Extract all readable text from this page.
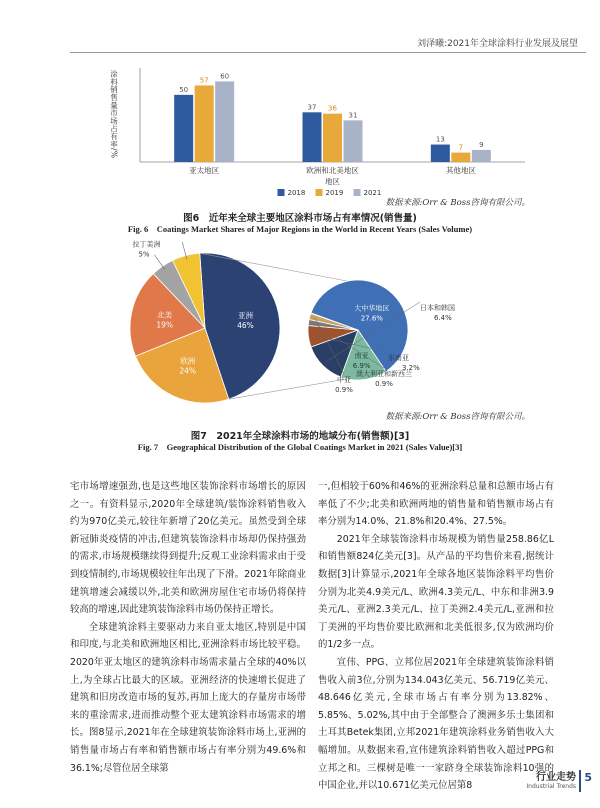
刘泽曦:2021年全球涂料行业发展及展望
涂料销售量市场占有率/%	50
57
60
亚太地区
37 36
31
欧洲和北美地区
13
7 9
其他地区
地区
2018	2019	2021
数据来源:Orr & Boss咨询有限公司。
图6　近年来全球主要地区涂料市场占有率情况(销售量)
Fig. 6　Coatings Market Shares of Major Regions in the World in Recent Years (Sales Volume)
亚洲
46%
欧洲
24%
北美
19%
拉丁美洲
5%
大中华地区
27.6%
南亚
6.9%
日本和韩国
6.4%
东南亚
3.2%
澳大利亚和新西兰
0.9%
中亚
0.9%
数据来源:Orr & Boss咨询有限公司。
图7　2021年全球涂料市场的地域分布(销售额)[3]
Fig. 7　Geographical Distribution of the Global Coatings Market in 2021 (Sales Value)[3]

宅市场增速强劲,也是这些地区装饰涂料市场增长的原因之一。有资料显示,2020年全球建筑/装饰涂料销售收入约为970亿美元,较往年新增了20亿美元。虽然受到全球新冠肺炎疫情的冲击,但建筑装饰涂料市场却仍保持强劲的需求,市场规模继续得到提升;反观工业涂料需求由于受到疫情制约,市场规模较往年出现了下滑。2021年除商业建筑增速会减缓以外,北美和欧洲房屋住宅市场仍将保持较高的增速,因此建筑装饰涂料市场仍保持正增长。

全球建筑涂料主要驱动力来自亚太地区,特别是中国和印度,与北美和欧洲地区相比,亚洲涂料市场比较平稳。2020年亚太地区的建筑涂料市场需求量占全球的40%以上,为全球占比最大的区域。亚洲经济的快速增长促进了建筑和旧房改造市场的复苏,再加上庞大的存量房市场带来的重涂需求,进而推动整个亚太建筑涂料市场需求的增长。图8显示,2021年在全球建筑装饰涂料市场上,亚洲的销售量市场占有率和销售额市场占有率分别为49.6%和36.1%;尽管位居全球第

一,但相较于60%和46%的亚洲涂料总量和总额市场占有率低了不少;北美和欧洲两地的销售量和销售额市场占有率分别为14.0%、21.8%和20.4%、27.5%。

2021年全球装饰涂料市场规模为销售量258.86亿L和销售额824亿美元[3]。从产品的平均售价来看,据统计数据[3]计算显示,2021年全球各地区装饰涂料平均售价分别为北美4.9美元/L、欧洲4.3美元/L、中东和非洲3.9美元/L、亚洲2.3美元/L、拉丁美洲2.4美元/L,亚洲和拉丁美洲的平均售价要比欧洲和北美低很多,仅为欧洲均价的1/2多一点。

宣伟、PPG、立邦位居2021年全球建筑装饰涂料销售收入前3位,分别为134.043亿美元、56.719亿美元、48.646亿美元,全球市场占有率分别为13.82%、5.85%、5.02%,其中由于全部整合了澳洲多乐士集团和土耳其Betek集团,立邦2021年建筑涂料业务销售收入大幅增加。从数据来看,宣伟建筑涂料销售收入超过PPG和立邦之和。三棵树是唯一一家跻身全球装饰涂料10强的中国企业,并以10.671亿美元位居第8

行业走势
Industrial Trends
5
